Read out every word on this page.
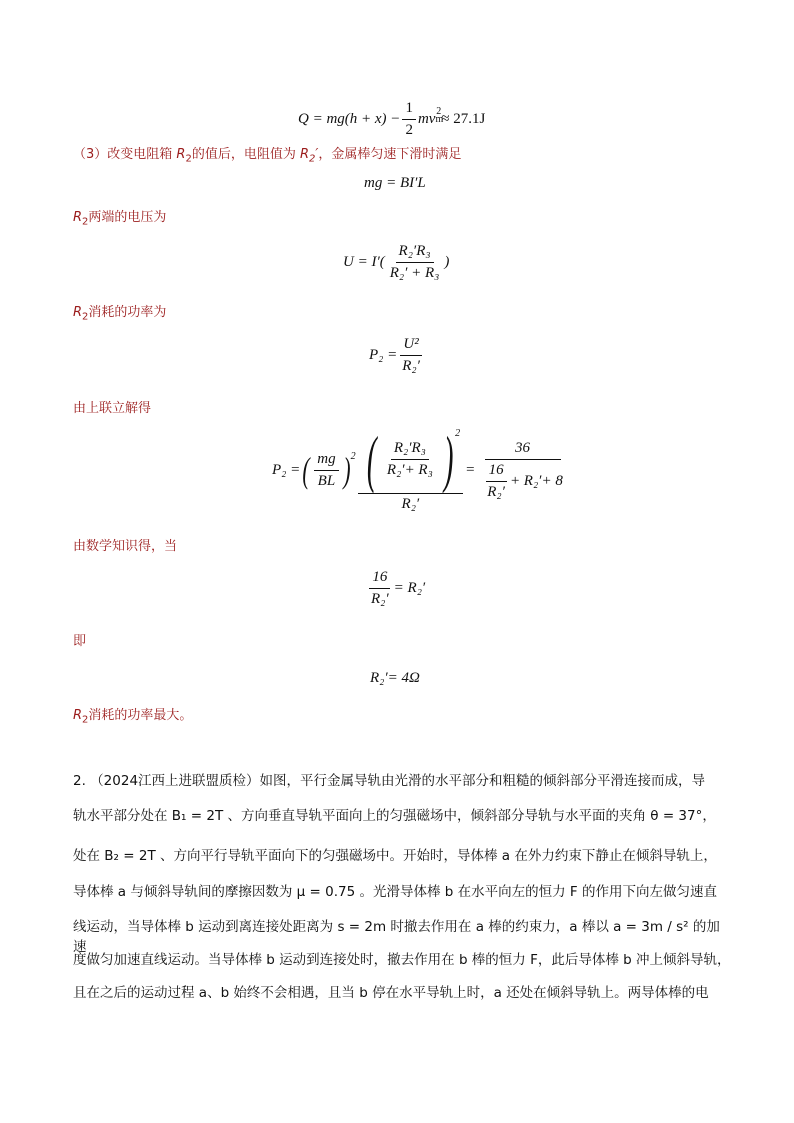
$Q = mg(h + x) - \frac{1}{2}$ mv m
$^2$ ≈ 27.1J
（3）改变电阻箱 $R_2$的值后，电阻值为 $R_2'$，金属棒匀速下滑时满足
mg = BI′L
$R_2$两端的电压为
$U = I'( \frac{\text{R₂′R₃}}{\text{R₂′ + R₃}}$ )
$R_2$消耗的功率为
$P_2 = \frac{\text{U²}}{\text{R₂′}}$
由上联立解得
P₂ = ( $\frac{mg}{BL} )^2 \frac{( \frac{\text{R₂′R₃}}{\text{R₂′+ R₃}} )^2}{\text{R₂′}} = \frac{36}{\frac{16}{\text{R₂′}} + R_2'+ 8}$
由数学知识得，当
$\frac{16}{\text{R₂′}} = R_2'$
即
R₂′= 4Ω
$R_2$消耗的功率最大。
2. （2024江西上进联盟质检）如图，平行金属导轨由光滑的水平部分和粗糙的倾斜部分平滑连接而成，导
轨水平部分处在 B₁ = 2T 、方向垂直导轨平面向上的匀强磁场中，倾斜部分导轨与水平面的夹角 θ = 37°，
处在 B₂ = 2T 、方向平行导轨平面向下的匀强磁场中。开始时，导体棒 a 在外力约束下静止在倾斜导轨上，
导体棒 a 与倾斜导轨间的摩擦因数为 μ = 0.75 。光滑导体棒 b 在水平向左的恒力 F 的作用下向左做匀速直
线运动，当导体棒 b 运动到离连接处距离为 s = 2m 时撤去作用在 a 棒的约束力，a 棒以 a = 3m / s² 的加速
度做匀加速直线运动。当导体棒 b 运动到连接处时，撤去作用在 b 棒的恒力 F，此后导体棒 b 冲上倾斜导轨，
且在之后的运动过程 a、b 始终不会相遇，且当 b 停在水平导轨上时，a 还处在倾斜导轨上。两导体棒的电
